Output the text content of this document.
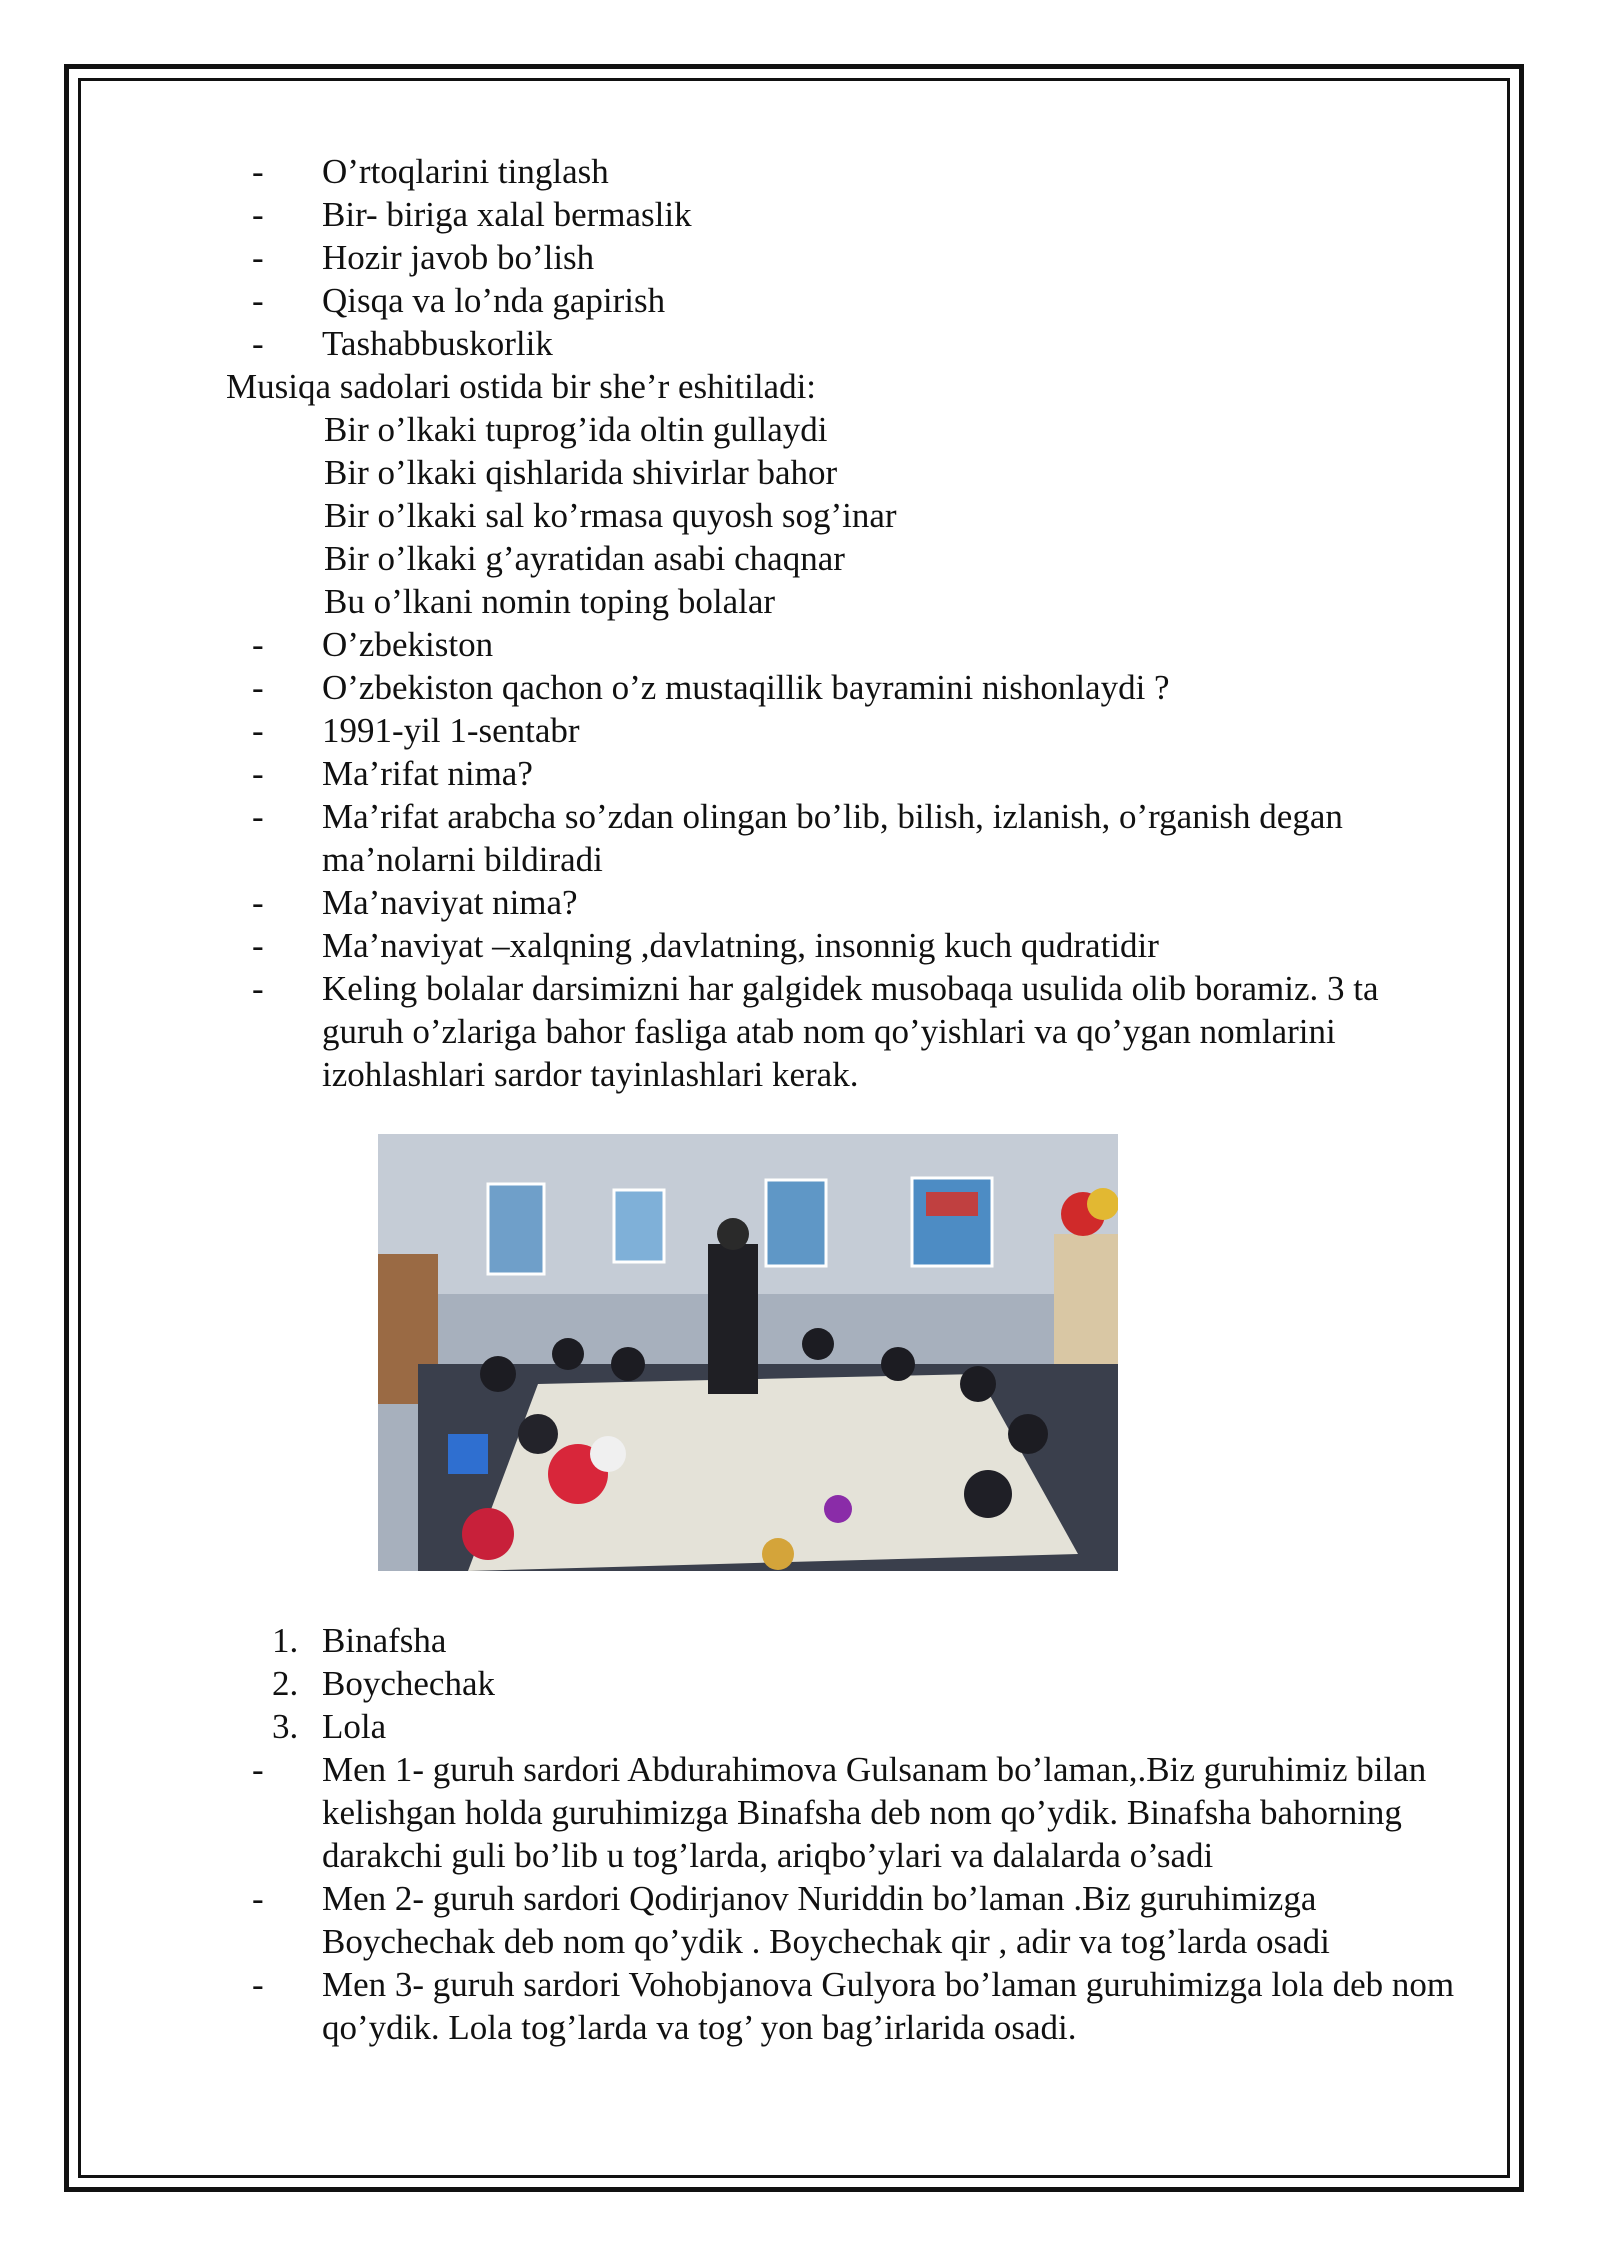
- O’rtoqlarini tinglash
- Bir- biriga xalal bermaslik
- Hozir javob bo’lish
- Qisqa va lo’nda gapirish
- Tashabbuskorlik
Musiqa sadolari ostida bir she’r eshitiladi:
Bir o’lkaki tuprog’ida oltin gullaydi
Bir o’lkaki qishlarida shivirlar bahor
Bir o’lkaki sal ko’rmasa quyosh sog’inar
Bir o’lkaki g’ayratidan asabi chaqnar
Bu o’lkani nomin toping bolalar
- O’zbekiston
- O’zbekiston qachon o’z mustaqillik bayramini nishonlaydi ?
- 1991-yil 1-sentabr
- Ma’rifat nima?
- Ma’rifat arabcha so’zdan olingan bo’lib, bilish, izlanish, o’rganish degan ma’nolarni bildiradi
- Ma’naviyat nima?
- Ma’naviyat –xalqning ,davlatning, insonnig kuch qudratidir
- Keling bolalar darsimizni har galgidek musobaqa usulida olib boramiz. 3 ta guruh o’zlariga bahor fasliga atab nom qo’yishlari va qo’ygan nomlarini izohlashlari sardor tayinlashlari kerak.
1. Binafsha
2. Boychechak
3. Lola
- Men 1- guruh sardori Abdurahimova Gulsanam bo’laman,.Biz guruhimiz bilan kelishgan holda guruhimizga Binafsha deb nom qo’ydik. Binafsha bahorning darakchi guli bo’lib u tog’larda, ariqbo’ylari va dalalarda o’sadi
- Men 2- guruh sardori Qodirjanov Nuriddin bo’laman .Biz guruhimizga Boychechak deb nom qo’ydik . Boychechak qir , adir va tog’larda osadi
- Men 3- guruh sardori Vohobjanova Gulyora bo’laman guruhimizga lola deb nom qo’ydik. Lola tog’larda va tog’ yon bag’irlarida osadi.
